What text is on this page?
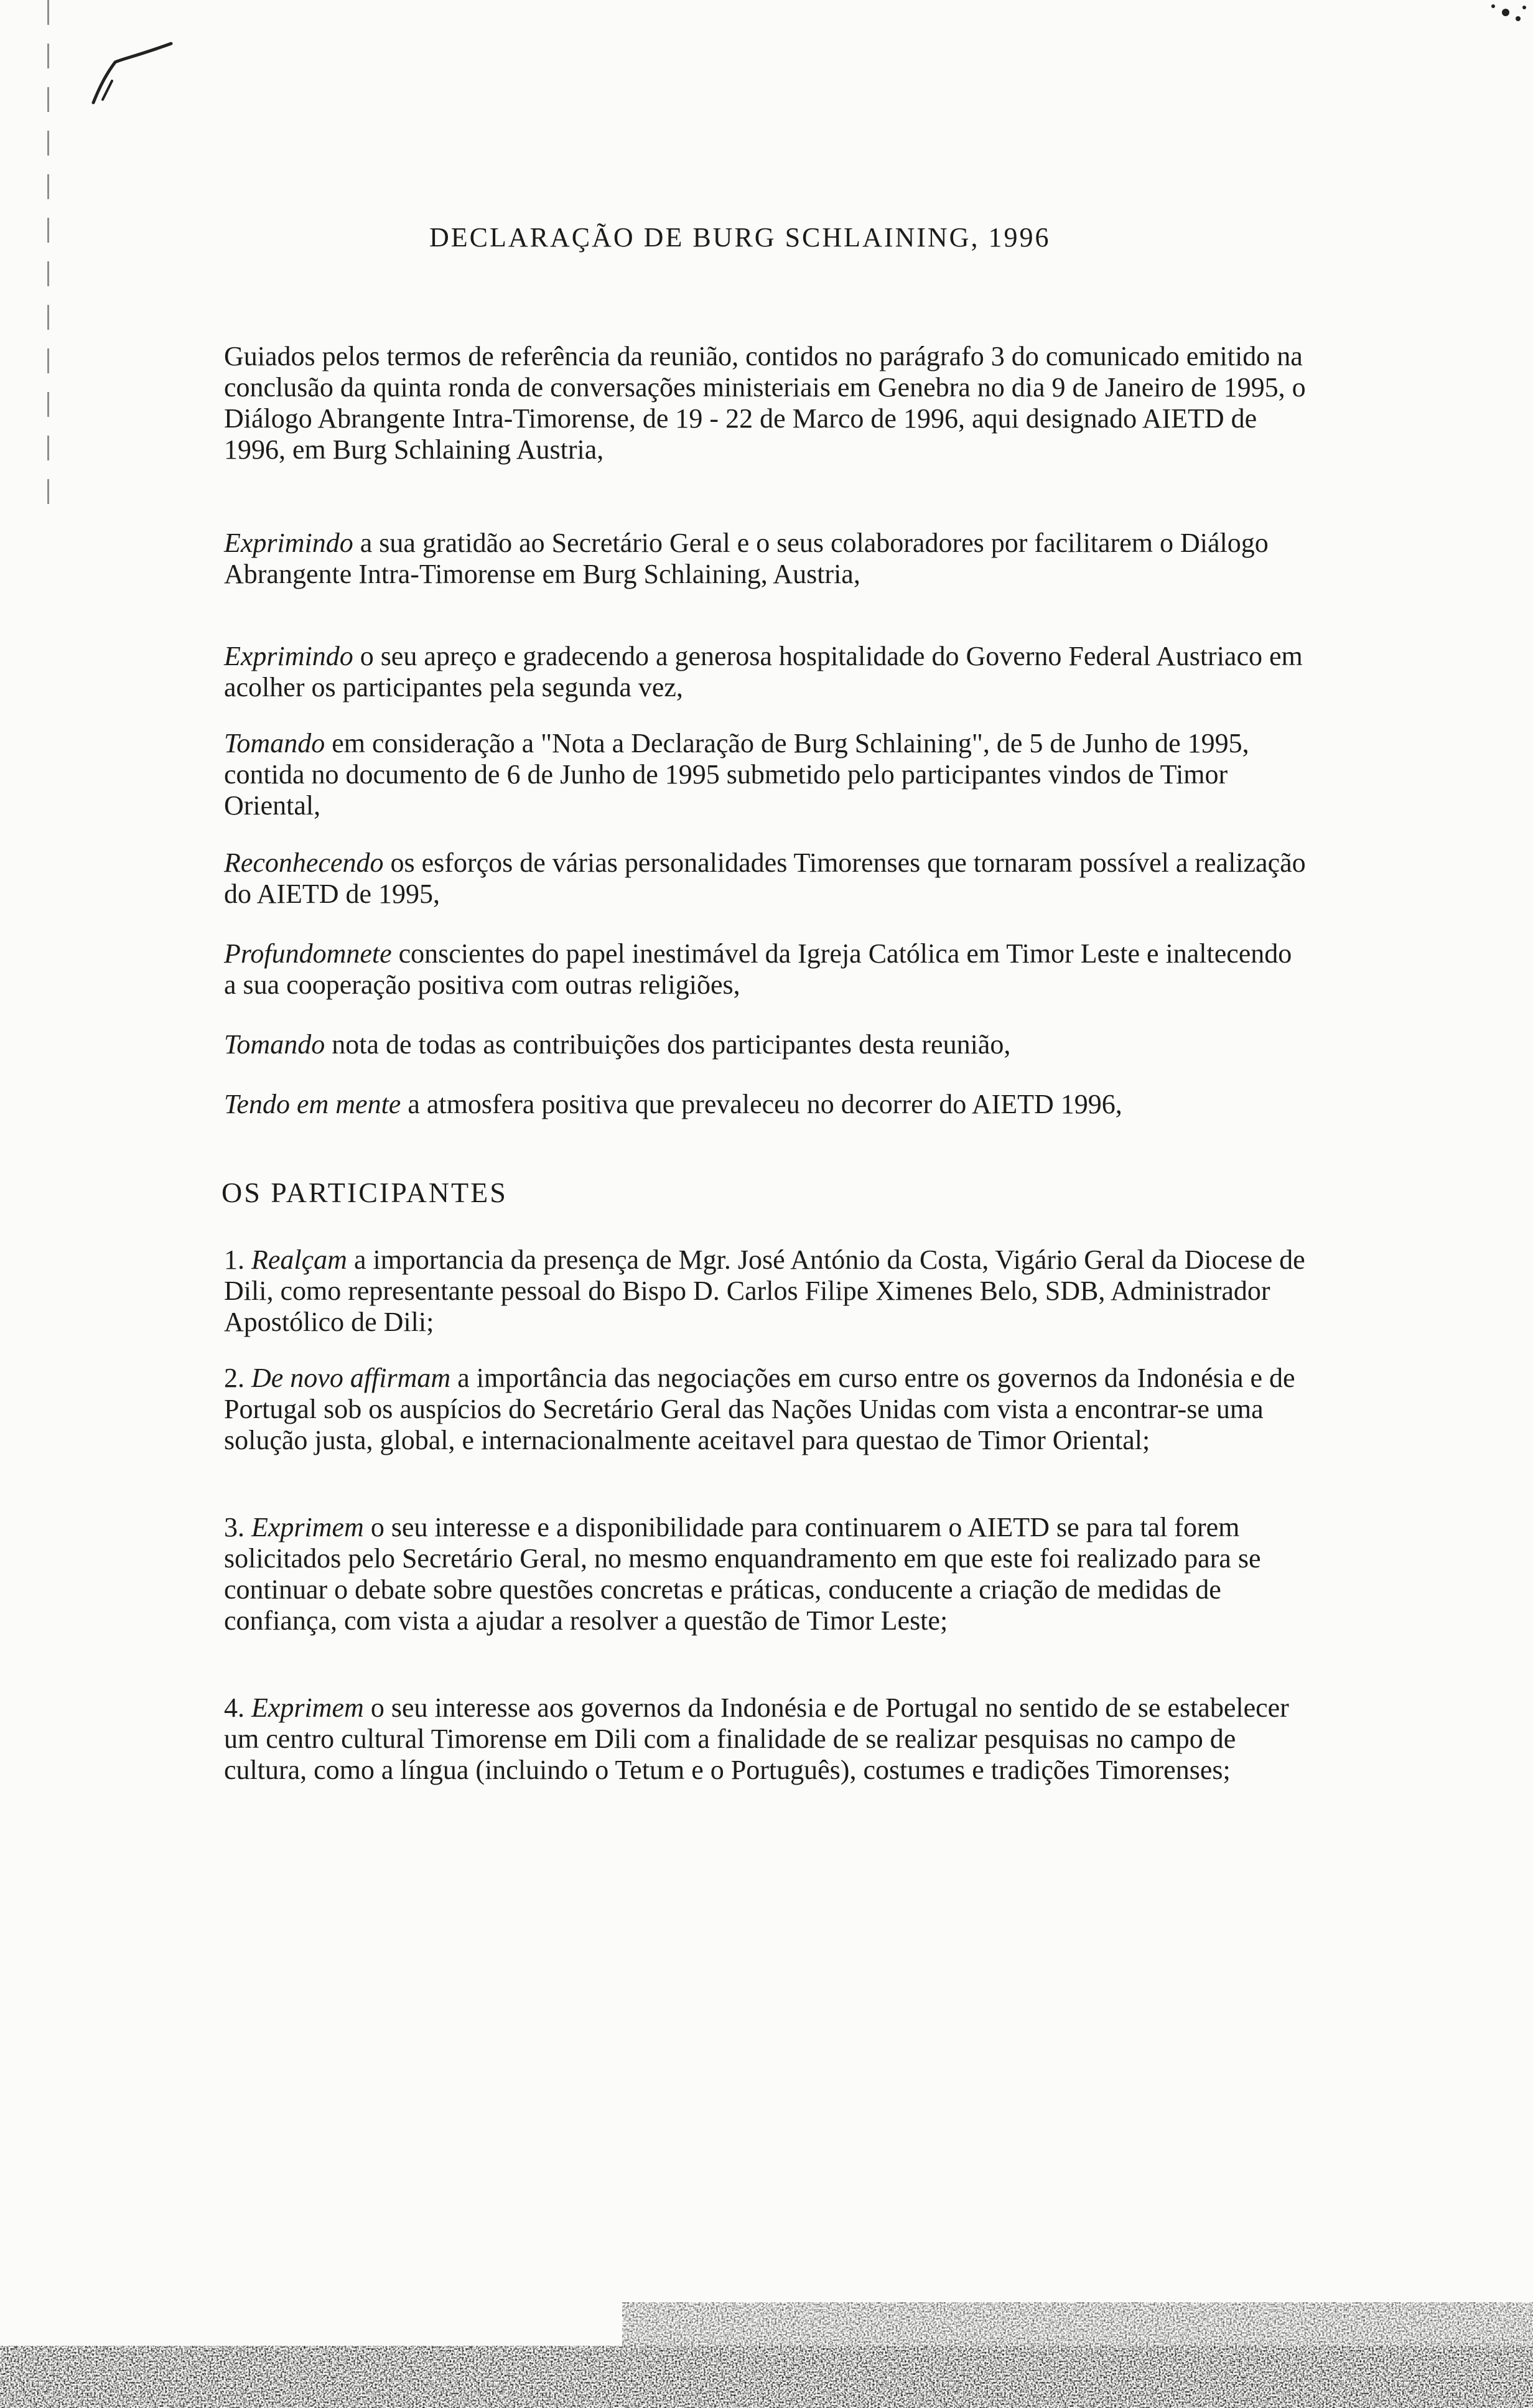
DECLARAÇÃO DE BURG SCHLAINING, 1996

Guiados pelos termos de referência da reunião, contidos no parágrafo 3 do comunicado emitido na conclusão da quinta ronda de conversações ministeriais em Genebra no dia 9 de Janeiro de 1995, o Diálogo Abrangente Intra-Timorense, de 19 - 22 de Marco de 1996, aqui designado AIETD de 1996, em Burg Schlaining Austria,

Exprimindo a sua gratidão ao Secretário Geral e o seus colaboradores por facilitarem o Diálogo Abrangente Intra-Timorense em Burg Schlaining, Austria,

Exprimindo o seu apreço e gradecendo a generosa hospitalidade do Governo Federal Austriaco em acolher os participantes pela segunda vez,

Tomando em consideração a "Nota a Declaração de Burg Schlaining", de 5 de Junho de 1995, contida no documento de 6 de Junho de 1995 submetido pelo participantes vindos de Timor Oriental,

Reconhecendo os esforços de várias personalidades Timorenses que tornaram possível a realização do AIETD de 1995,

Profundomnete conscientes do papel inestimável da Igreja Católica em Timor Leste e inaltecendo a sua cooperação positiva com outras religiões,

Tomando nota de todas as contribuições dos participantes desta reunião,

Tendo em mente a atmosfera positiva que prevaleceu no decorrer do AIETD 1996,

OS PARTICIPANTES

1. Realçam a importancia da presença de Mgr. José António da Costa, Vigário Geral da Diocese de Dili, como representante pessoal do Bispo D. Carlos Filipe Ximenes Belo, SDB, Administrador Apostólico de Dili;

2. De novo affirmam a importância das negociações em curso entre os governos da Indonésia e de Portugal sob os auspícios do Secretário Geral das Nações Unidas com vista a encontrar-se uma solução justa, global, e internacionalmente aceitavel para questao de Timor Oriental;

3. Exprimem o seu interesse e a disponibilidade para continuarem o AIETD se para tal forem solicitados pelo Secretário Geral, no mesmo enquandramento em que este foi realizado para se continuar o debate sobre questões concretas e práticas, conducente a criação de medidas de confiança, com vista a ajudar a resolver a questão de Timor Leste;

4. Exprimem o seu interesse aos governos da Indonésia e de Portugal no sentido de se estabelecer um centro cultural Timorense em Dili com a finalidade de se realizar pesquisas no campo de cultura, como a língua (incluindo o Tetum e o Português), costumes e tradições Timorenses;
